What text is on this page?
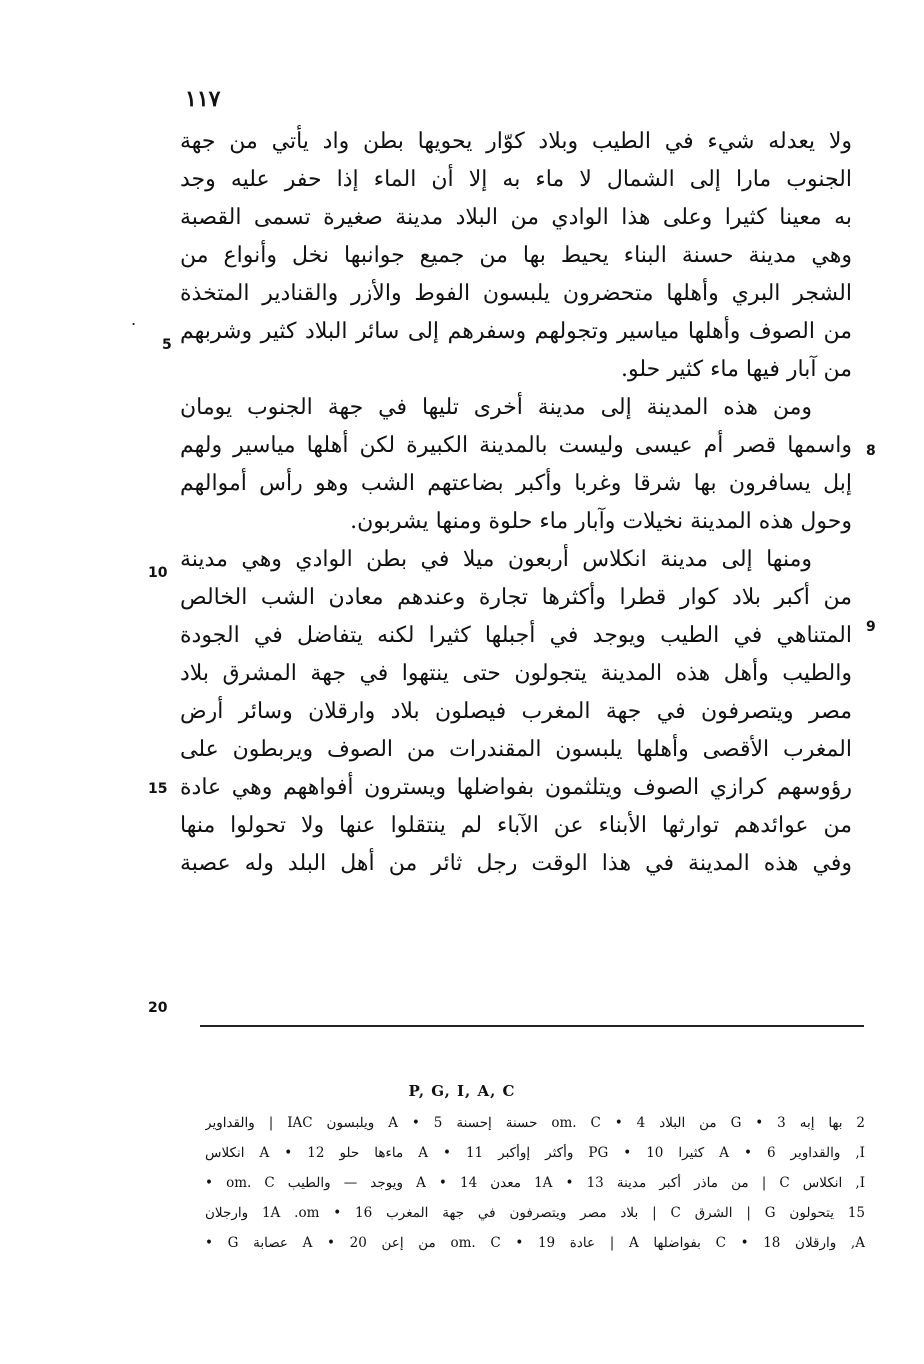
١١٧
ولا يعدله شيء في الطيب وبلاد كوّار يحويها بطن واد يأتي من جهة
الجنوب مارا إلى الشمال لا ماء به إلا أن الماء إذا حفر عليه وجد
به معينا كثيرا وعلى هذا الوادي من البلاد مدينة صغيرة تسمى القصبة
وهي مدينة حسنة البناء يحيط بها من جميع جوانبها نخل وأنواع من
الشجر البري وأهلها متحضرون يلبسون الفوط والأزر والقنادير المتخذة
من الصوف وأهلها مياسير وتجولهم وسفرهم إلى سائر البلاد كثير وشربهم
من آبار فيها ماء كثير حلو.
ومن هذه المدينة إلى مدينة أخرى تليها في جهة الجنوب يومان
واسمها قصر أم عيسى وليست بالمدينة الكبيرة لكن أهلها مياسير ولهم
إبل يسافرون بها شرقا وغربا وأكبر بضاعتهم الشب وهو رأس أموالهم
وحول هذه المدينة نخيلات وآبار ماء حلوة ومنها يشربون.
ومنها إلى مدينة انكلاس أربعون ميلا في بطن الوادي وهي مدينة
من أكبر بلاد كوار قطرا وأكثرها تجارة وعندهم معادن الشب الخالص
المتناهي في الطيب ويوجد في أجبلها كثيرا لكنه يتفاضل في الجودة
والطيب وأهل هذه المدينة يتجولون حتى ينتهوا في جهة المشرق بلاد
مصر ويتصرفون في جهة المغرب فيصلون بلاد وارقلان وسائر أرض
المغرب الأقصى وأهلها يلبسون المقندرات من الصوف ويربطون على
رؤوسهم كرازي الصوف ويتلثمون بفواضلها ويسترون أفواههم وهي عادة
من عوائدهم توارثها الأبناء عن الآباء لم ينتقلوا عنها ولا تحولوا منها
وفي هذه المدينة في هذا الوقت رجل ثائر من أهل البلد وله عصبة
8
9
5
10
15
20
.
P, G, I, A, C
2 بها إبه G • 3 من البلاد om. C • 4 حسنة إحسنة A • 5 ويلبسون IAC | والقداوير
I, والقداوير A • 6 كثيرا PG • 10 وأكثر إوأكبر A • 11 ماءها حلو A • 12 انكلاس
I, انكلاس C | من ماذر أكبر مدينة 1A • 13 معدن A • 14 ويوجد — والطيب om. C •
15 يتحولون G | الشرق C | بلاد مصر ويتصرفون في جهة المغرب 1A .om • 16 وارجلان
A, وارقلان C • 18 بفواضلها A | عادة om. C • 19 من إعن A • 20 عصابة G •
